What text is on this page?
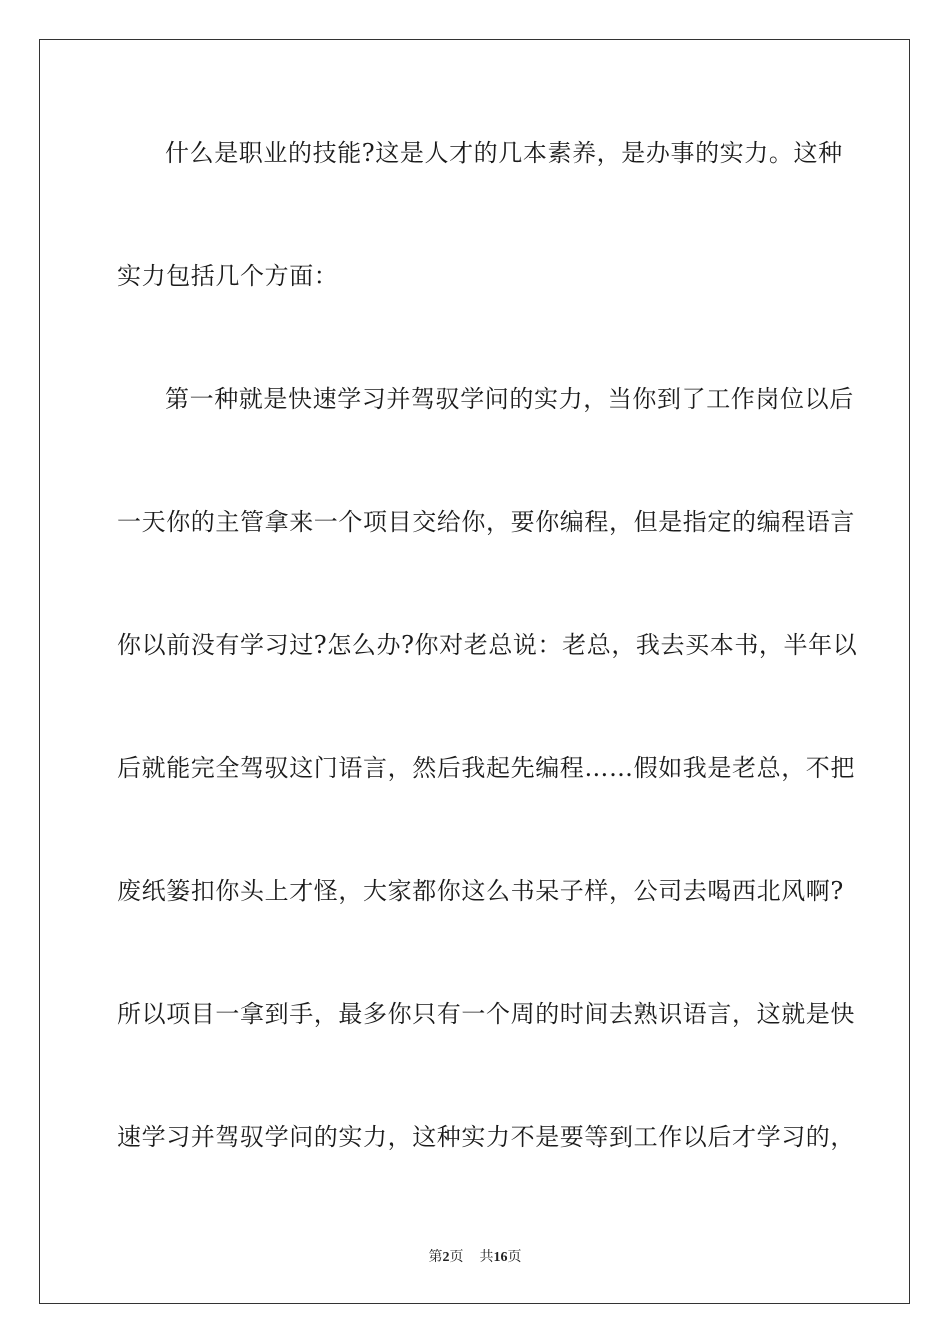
什么是职业的技能?这是人才的几本素养，是办事的实力。这种
实力包括几个方面：
第一种就是快速学习并驾驭学问的实力，当你到了工作岗位以后
一天你的主管拿来一个项目交给你，要你编程，但是指定的编程语言
你以前没有学习过?怎么办?你对老总说：老总，我去买本书，半年以
后就能完全驾驭这门语言，然后我起先编程……假如我是老总，不把
废纸篓扣你头上才怪，大家都你这么书呆子样，公司去喝西北风啊?
所以项目一拿到手，最多你只有一个周的时间去熟识语言，这就是快
速学习并驾驭学问的实力，这种实力不是要等到工作以后才学习的，
第2页 共16页
